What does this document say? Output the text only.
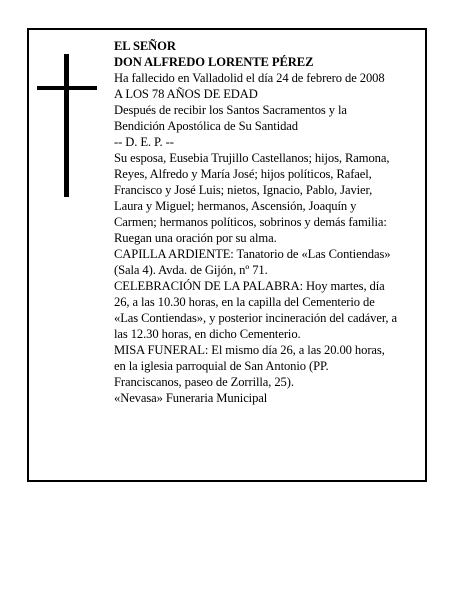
EL SEÑOR
DON ALFREDO LORENTE PÉREZ
Ha fallecido en Valladolid el día 24 de febrero de 2008
A LOS 78 AÑOS DE EDAD
Después de recibir los Santos Sacramentos y la
Bendición Apostólica de Su Santidad
-- D. E. P. --
Su esposa, Eusebia Trujillo Castellanos; hijos, Ramona,
Reyes, Alfredo y María José; hijos políticos, Rafael,
Francisco y José Luis; nietos, Ignacio, Pablo, Javier,
Laura y Miguel; hermanos, Ascensión, Joaquín y
Carmen; hermanos políticos, sobrinos y demás familia:
Ruegan una oración por su alma.
CAPILLA ARDIENTE: Tanatorio de «Las Contiendas»
(Sala 4). Avda. de Gijón, nº 71.
CELEBRACIÓN DE LA PALABRA: Hoy martes, día
26, a las 10.30 horas, en la capilla del Cementerio de
«Las Contiendas», y posterior incineración del cadáver, a
las 12.30 horas, en dicho Cementerio.
MISA FUNERAL: El mismo día 26, a las 20.00 horas,
en la iglesia parroquial de San Antonio (PP.
Franciscanos, paseo de Zorrilla, 25).
«Nevasa» Funeraria Municipal
